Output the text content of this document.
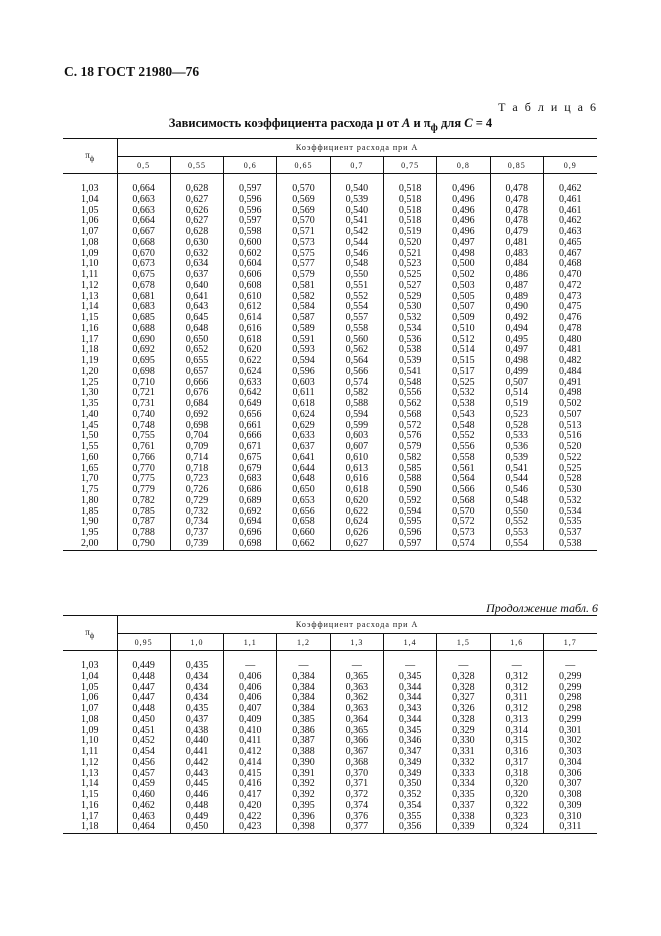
С. 18 ГОСТ 21980—76
Т а б л и ц а 6
Зависимость коэффициента расхода μ от A и $\pi_ф$ для C = 4
$\pi_ф$	Коэффициент расхода при A								
	0,5	0,55	0,6	0,65	0,7	0,75	0,8	0,85	0,9

1,03	0,664	0,628	0,597	0,570	0,540	0,518	0,496	0,478	0,462
1,04	0,663	0,627	0,596	0,569	0,539	0,518	0,496	0,478	0,461
1,05	0,663	0,626	0,596	0,569	0,540	0,518	0,496	0,478	0,461
1,06	0,664	0,627	0,597	0,570	0,541	0,518	0,496	0,478	0,462
1,07	0,667	0,628	0,598	0,571	0,542	0,519	0,496	0,479	0,463
1,08	0,668	0,630	0,600	0,573	0,544	0,520	0,497	0,481	0,465
1,09	0,670	0,632	0,602	0,575	0,546	0,521	0,498	0,483	0,467
1,10	0,673	0,634	0,604	0,577	0,548	0,523	0,500	0,484	0,468
1,11	0,675	0,637	0,606	0,579	0,550	0,525	0,502	0,486	0,470
1,12	0,678	0,640	0,608	0,581	0,551	0,527	0,503	0,487	0,472
1,13	0,681	0,641	0,610	0,582	0,552	0,529	0,505	0,489	0,473
1,14	0,683	0,643	0,612	0,584	0,554	0,530	0,507	0,490	0,475
1,15	0,685	0,645	0,614	0,587	0,557	0,532	0,509	0,492	0,476
1,16	0,688	0,648	0,616	0,589	0,558	0,534	0,510	0,494	0,478
1,17	0,690	0,650	0,618	0,591	0,560	0,536	0,512	0,495	0,480
1,18	0,692	0,652	0,620	0,593	0,562	0,538	0,514	0,497	0,481
1,19	0,695	0,655	0,622	0,594	0,564	0,539	0,515	0,498	0,482
1,20	0,698	0,657	0,624	0,596	0,566	0,541	0,517	0,499	0,484
1,25	0,710	0,666	0,633	0,603	0,574	0,548	0,525	0,507	0,491
1,30	0,721	0,676	0,642	0,611	0,582	0,556	0,532	0,514	0,498
1,35	0,731	0,684	0,649	0,618	0,588	0,562	0,538	0,519	0,502
1,40	0,740	0,692	0,656	0,624	0,594	0,568	0,543	0,523	0,507
1,45	0,748	0,698	0,661	0,629	0,599	0,572	0,548	0,528	0,513
1,50	0,755	0,704	0,666	0,633	0,603	0,576	0,552	0,533	0,516
1,55	0,761	0,709	0,671	0,637	0,607	0,579	0,556	0,536	0,520
1,60	0,766	0,714	0,675	0,641	0,610	0,582	0,558	0,539	0,522
1,65	0,770	0,718	0,679	0,644	0,613	0,585	0,561	0,541	0,525
1,70	0,775	0,723	0,683	0,648	0,616	0,588	0,564	0,544	0,528
1,75	0,779	0,726	0,686	0,650	0,618	0,590	0,566	0,546	0,530
1,80	0,782	0,729	0,689	0,653	0,620	0,592	0,568	0,548	0,532
1,85	0,785	0,732	0,692	0,656	0,622	0,594	0,570	0,550	0,534
1,90	0,787	0,734	0,694	0,658	0,624	0,595	0,572	0,552	0,535
1,95	0,788	0,737	0,696	0,660	0,626	0,596	0,573	0,553	0,537
2,00	0,790	0,739	0,698	0,662	0,627	0,597	0,574	0,554	0,538
Продолжение табл. 6
$\pi_ф$	Коэффициент расхода при A								
	0,95	1,0	1,1	1,2	1,3	1,4	1,5	1,6	1,7

1,03	0,449	0,435	—	—	—	—	—	—	—
1,04	0,448	0,434	0,406	0,384	0,365	0,345	0,328	0,312	0,299
1,05	0,447	0,434	0,406	0,384	0,363	0,344	0,328	0,312	0,299
1,06	0,447	0,434	0,406	0,384	0,362	0,344	0,327	0,311	0,298
1,07	0,448	0,435	0,407	0,384	0,363	0,343	0,326	0,312	0,298
1,08	0,450	0,437	0,409	0,385	0,364	0,344	0,328	0,313	0,299
1,09	0,451	0,438	0,410	0,386	0,365	0,345	0,329	0,314	0,301
1,10	0,452	0,440	0,411	0,387	0,366	0,346	0,330	0,315	0,302
1,11	0,454	0,441	0,412	0,388	0,367	0,347	0,331	0,316	0,303
1,12	0,456	0,442	0,414	0,390	0,368	0,349	0,332	0,317	0,304
1,13	0,457	0,443	0,415	0,391	0,370	0,349	0,333	0,318	0,306
1,14	0,459	0,445	0,416	0,392	0,371	0,350	0,334	0,320	0,307
1,15	0,460	0,446	0,417	0,392	0,372	0,352	0,335	0,320	0,308
1,16	0,462	0,448	0,420	0,395	0,374	0,354	0,337	0,322	0,309
1,17	0,463	0,449	0,422	0,396	0,376	0,355	0,338	0,323	0,310
1,18	0,464	0,450	0,423	0,398	0,377	0,356	0,339	0,324	0,311
